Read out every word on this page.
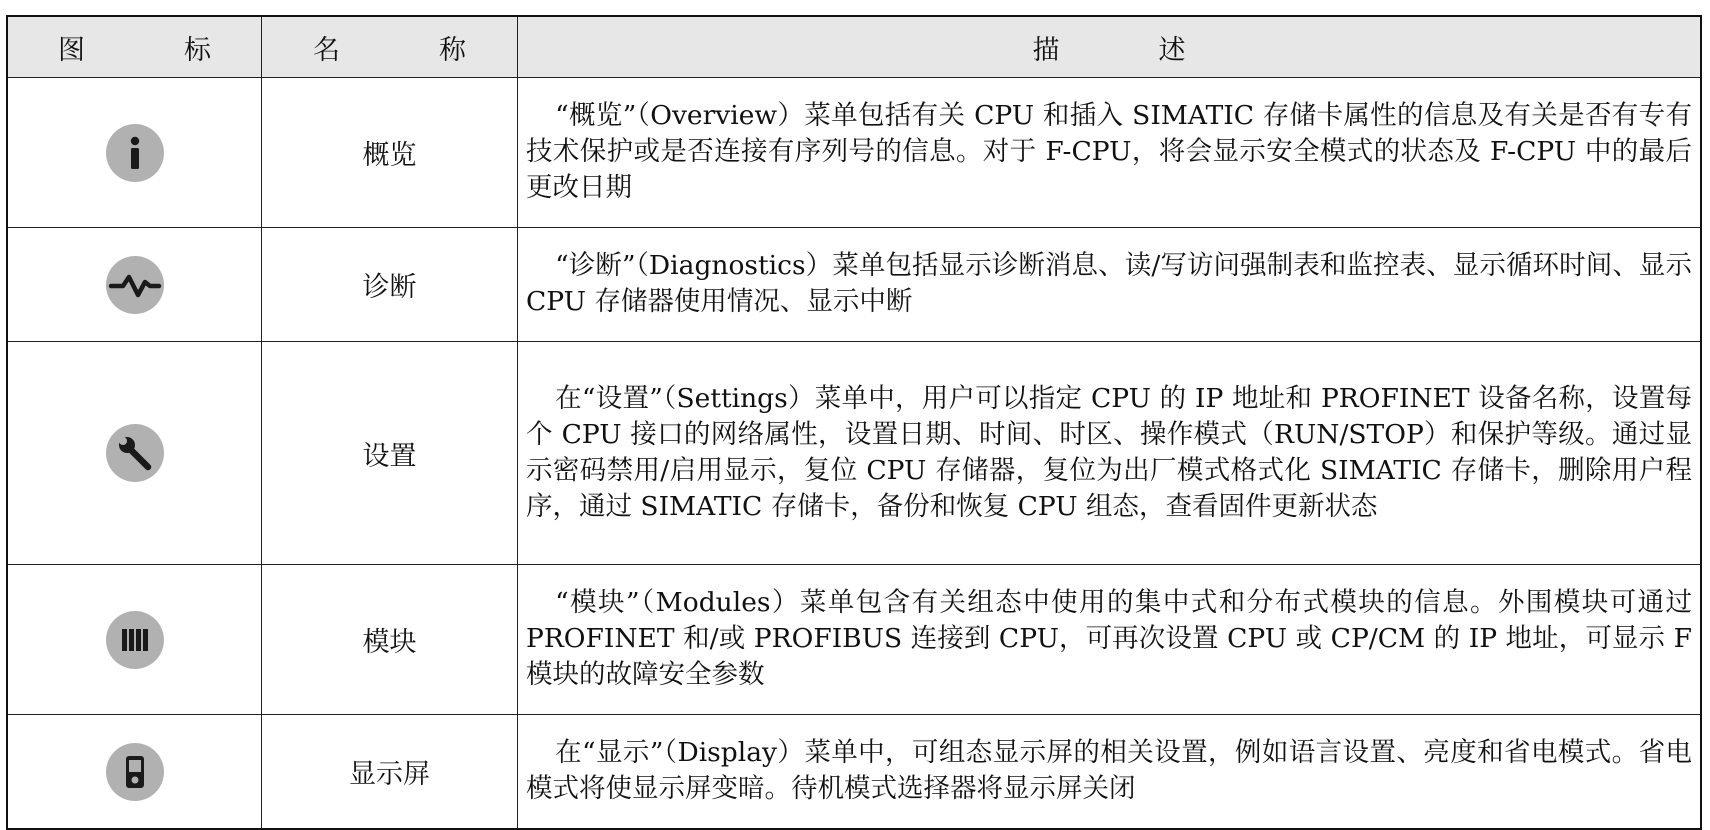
图　标	名　称	描　述

	概览	“概览”（Overview）菜单包括有关 CPU 和插入 SIMATIC 存储卡属性的信息及有关是否有专有技术保护或是否连接有序列号的信息。对于 F-CPU，将会显示安全模式的状态及 F-CPU 中的最后更改日期

	诊断	“诊断”（Diagnostics）菜单包括显示诊断消息、读/写访问强制表和监控表、显示循环时间、显示 CPU 存储器使用情况、显示中断

	设置	在“设置”（Settings）菜单中，用户可以指定 CPU 的 IP 地址和 PROFINET 设备名称，设置每个 CPU 接口的网络属性，设置日期、时间、时区、操作模式（RUN/STOP）和保护等级。通过显示密码禁用/启用显示，复位 CPU 存储器，复位为出厂模式格式化 SIMATIC 存储卡，删除用户程序，通过 SIMATIC 存储卡，备份和恢复 CPU 组态，查看固件更新状态

	模块	“模块”（Modules）菜单包含有关组态中使用的集中式和分布式模块的信息。外围模块可通过 PROFINET 和/或 PROFIBUS 连接到 CPU，可再次设置 CPU 或 CP/CM 的 IP 地址，可显示 F 模块的故障安全参数

	显示屏	在“显示”（Display）菜单中，可组态显示屏的相关设置，例如语言设置、亮度和省电模式。省电模式将使显示屏变暗。待机模式选择器将显示屏关闭
